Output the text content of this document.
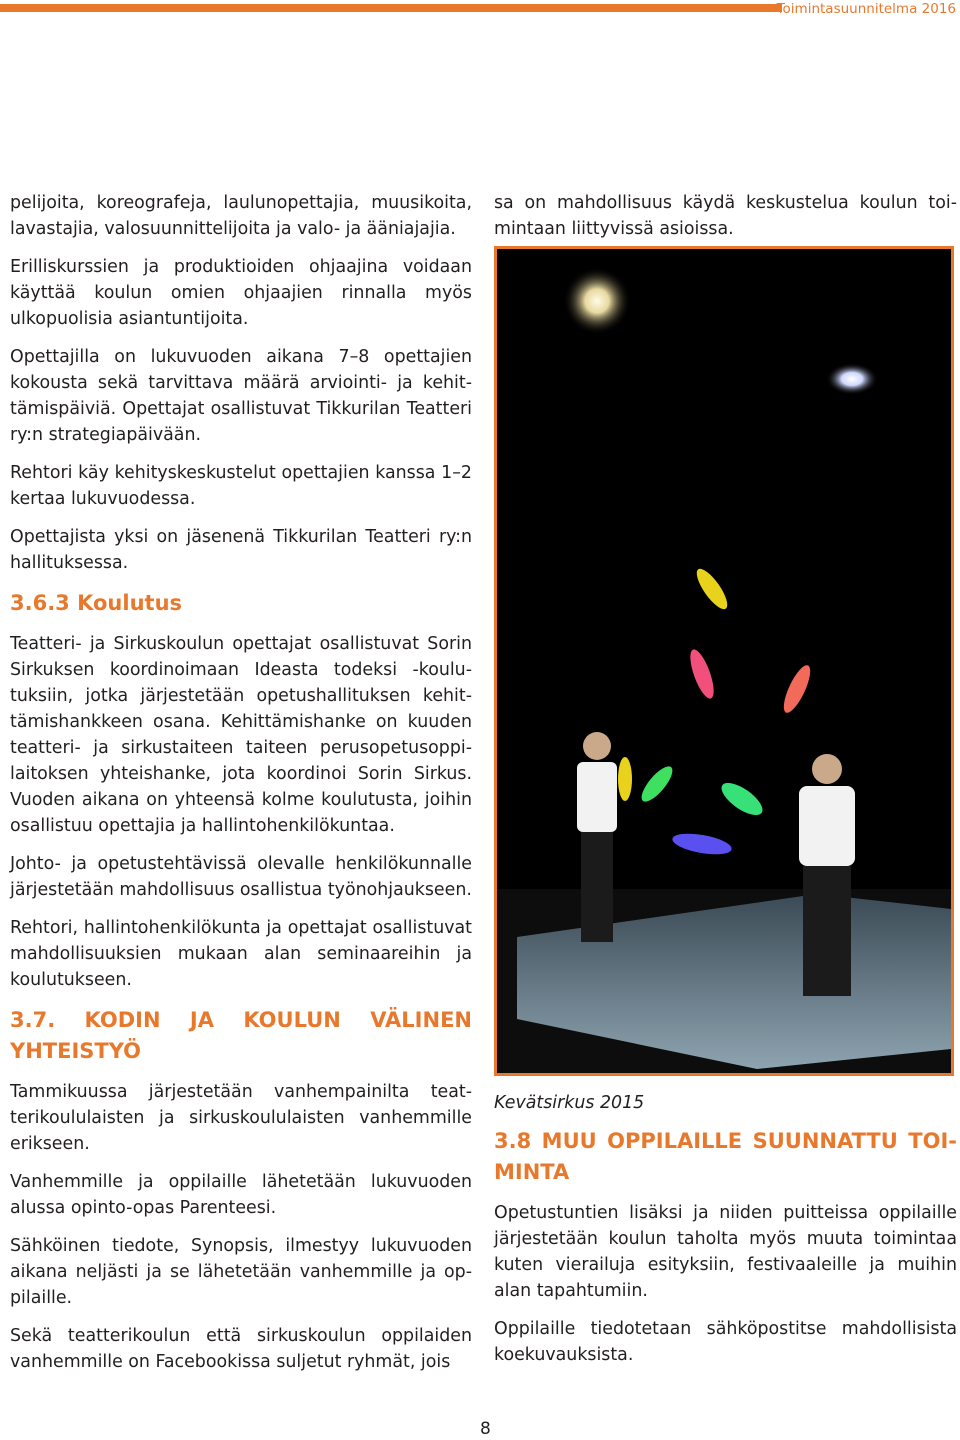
Toimintasuunnitelma 2016

pelijoita, koreografeja, laulunopettajia, muusikoita, lavastajia, valosuunnittelijoita ja valo- ja ääniajajia.

Erilliskurssien ja produktioiden ohjaajina voidaan käyttää koulun omien ohjaajien rinnalla myös ulkopuolisia asiantuntijoita.

Opettajilla on lukuvuoden aikana 7–8 opettajien kokousta sekä tarvittava määrä arviointi- ja kehittämispäiviä. Opettajat osallistuvat Tikkurilan Teatteri ry:n strategiapäivään.

Rehtori käy kehityskeskustelut opettajien kanssa 1–2 kertaa lukuvuodessa.

Opettajista yksi on jäsenenä Tikkurilan Teatteri ry:n hallituksessa.

3.6.3 Koulutus

Teatteri- ja Sirkuskoulun opettajat osallistuvat Sorin Sirkuksen koordinoimaan Ideasta todeksi -koulutuksiin, jotka järjestetään opetushallituksen kehittämishankkeen osana. Kehittämishanke on kuuden teatteri- ja sirkustaiteen taiteen perusopetusoppilaitoksen yhteishanke, jota koordinoi Sorin Sirkus. Vuoden aikana on yhteensä kolme koulutusta, joihin osallistuu opettajia ja hallintohenkilökuntaa.

Johto- ja opetustehtävissä olevalle henkilökunnalle järjestetään mahdollisuus osallistua työnohjaukseen.

Rehtori, hallintohenkilökunta ja opettajat osallistuvat mahdollisuuksien mukaan alan seminaareihin ja koulutukseen.

3.7. KODIN JA KOULUN VÄLINEN YHTEISTYÖ

Tammikuussa järjestetään vanhempainilta teatterikoululaisten ja sirkuskoululaisten vanhemmille erikseen.

Vanhemmille ja oppilaille lähetetään lukuvuoden alussa opinto-opas Parenteesi.

Sähköinen tiedote, Synopsis, ilmestyy lukuvuoden aikana neljästi ja se lähetetään vanhemmille ja oppilaille.

Sekä teatterikoulun että sirkuskoulun oppilaiden vanhemmille on Facebookissa suljetut ryhmät, jois

sa on mahdollisuus käydä keskustelua koulun toimintaan liittyvissä asioissa.

Kevätsirkus 2015
3.8 MUU OPPILAILLE SUUNNATTU TOIMINTA

Opetustuntien lisäksi ja niiden puitteissa oppilaille järjestetään koulun taholta myös muuta toimintaa kuten vierailuja esityksiin, festivaaleille ja muihin alan tapahtumiin.

Oppilaille tiedotetaan sähköpostitse mahdollisista koekuvauksista.

8
